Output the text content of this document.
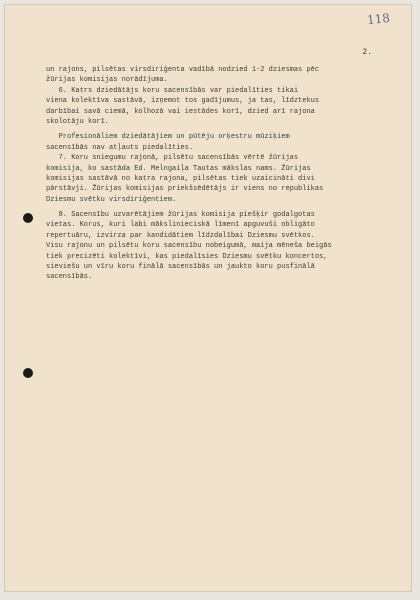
118
2.
un rajons, pilsētas virsdiriģenta vadībā nodzied 1-2 dziesmas pēc
žūrijas komisijas norādījuma.
6. Katrs dziedātājs koru sacensībās var piedalīties tikai
viena kolektīva sastāvā, izņemot tos gadījumus, ja tas, līdztekus
darbībai savā ciemā, kolhozā vai iestādes korī, dzied arī rajona
skolotāju korī.
Profesionāliem dziedātājiem un pūtēju orķestru mūziķiem
sacensībās nav atļauts piedalīties.
7. Koru sniegumu rajonā, pilsētu sacensībās vērtē žūrijas
komisija, ko sastāda Ed. Melngaiļa Tautas mākslas nams. Žūrijas
komisijas sastāvā no katra rajona, pilsētas tiek uzaicināti divi
pārstāvji. Žūrijas komisijas priekšsēdētājs ir viens no republikas
Dziesmu svētku virsdiriģentiem.
8. Sacensību uzvarētājiem žūrijas komisija piešķir godalgotas
vietas. Korus, kuri labi mākslinieciskā līmenī apguvuši obligāto
repertuāru, izvirza par kandidātiem līdzdalībai Dziesmu svētkos.
Visu rajonu un pilsētu koru sacensību nobeigumā, maija mēneša beigās
tiek precizēti kolektīvi, kas piedalīsies Dziesmu svētku koncertos,
sieviešu un vīru koru finālā sacensībās un jaukto koru pusfinālā
sacensībās.
